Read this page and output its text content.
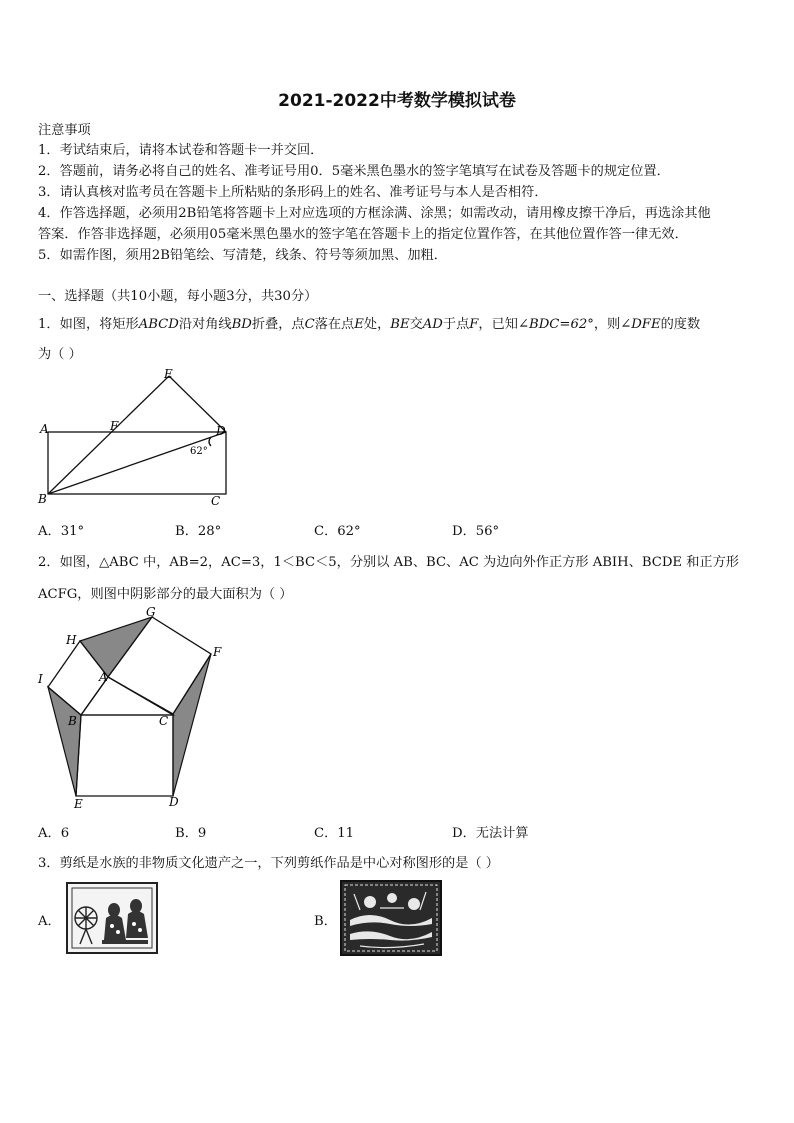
2021-2022中考数学模拟试卷
注意事项
1．考试结束后，请将本试卷和答题卡一并交回．
2．答题前，请务必将自己的姓名、准考证号用0．5毫米黑色墨水的签字笔填写在试卷及答题卡的规定位置．
3．请认真核对监考员在答题卡上所粘贴的条形码上的姓名、准考证号与本人是否相符．
4．作答选择题，必须用2B铅笔将答题卡上对应选项的方框涂满、涂黑；如需改动，请用橡皮擦干净后，再选涂其他
答案．作答非选择题，必须用05毫米黑色墨水的签字笔在答题卡上的指定位置作答，在其他位置作答一律无效．
5．如需作图，须用2B铅笔绘、写清楚，线条、符号等须加黑、加粗．
一、选择题（共10小题，每小题3分，共30分）
1．如图，将矩形ABCD沿对角线BD折叠，点C落在点E处，BE交AD于点F，已知∠BDC=62°，则∠DFE的度数
为（ ）
A
B	C
D
E
F
62°
A．31°	B．28°	C．62°	D．56°
2．如图，△ABC 中，AB=2，AC=3，1＜BC＜5，分别以 AB、BC、AC 为边向外作正方形 ABIH、BCDE 和正方形
ACFG，则图中阴影部分的最大面积为（ ）
G
H
F
I	A
B	C
E	D
A．6	B．9	C．11	D．无法计算
3．剪纸是水族的非物质文化遗产之一，下列剪纸作品是中心对称图形的是（ ）
A．	B．
